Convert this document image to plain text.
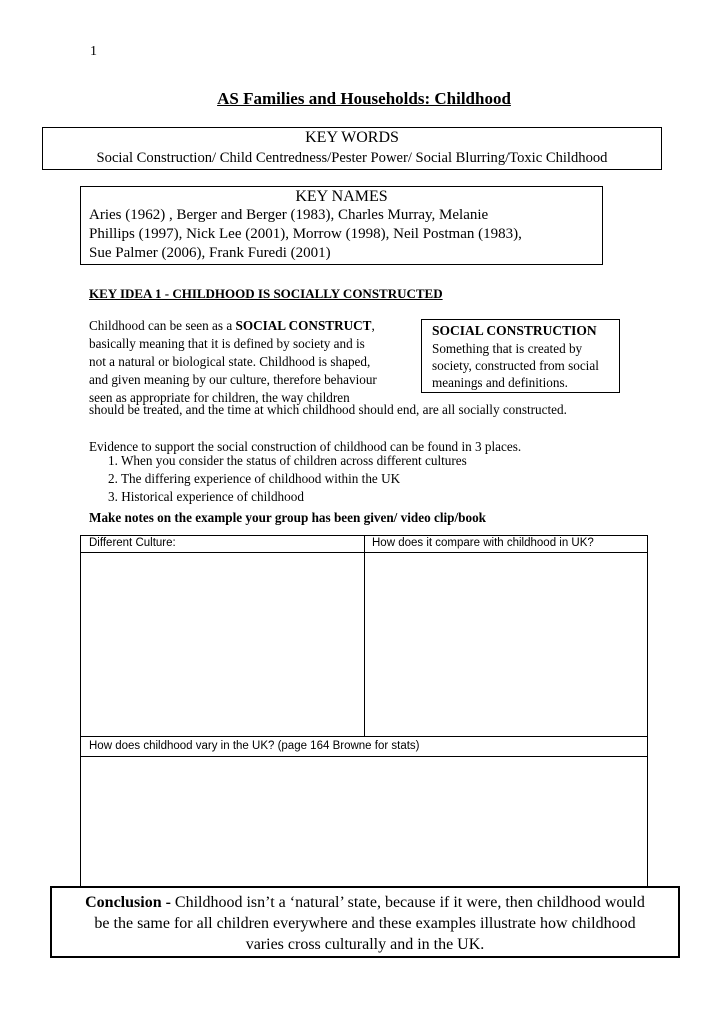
1
AS Families and Households: Childhood
KEY WORDS
Social Construction/ Child Centredness/Pester Power/ Social Blurring/Toxic Childhood
KEY NAMES
Aries (1962) , Berger and Berger (1983), Charles Murray, Melanie
Phillips (1997), Nick Lee (2001), Morrow (1998), Neil Postman (1983),
Sue Palmer (2006), Frank Furedi (2001)
KEY IDEA 1 - CHILDHOOD IS SOCIALLY CONSTRUCTED
Childhood can be seen as a SOCIAL CONSTRUCT,
basically meaning that it is defined by society and is
not a natural or biological state. Childhood is shaped,
and given meaning by our culture, therefore behaviour
seen as appropriate for children, the way children
should be treated, and the time at which childhood should end, are all socially constructed.
SOCIAL CONSTRUCTION
Something that is created by
society, constructed from social
meanings and definitions.
Evidence to support the social construction of childhood can be found in 3 places.
1. When you consider the status of children across different cultures
2. The differing experience of childhood within the UK
3. Historical experience of childhood
Make notes on the example your group has been given/ video clip/book
Different Culture:	How does it compare with childhood in UK?
How does childhood vary in the UK? (page 164 Browne for stats)
Conclusion - Childhood isn’t a ‘natural’ state, because if it were, then childhood would
be the same for all children everywhere and these examples illustrate how childhood
varies cross culturally and in the UK.
